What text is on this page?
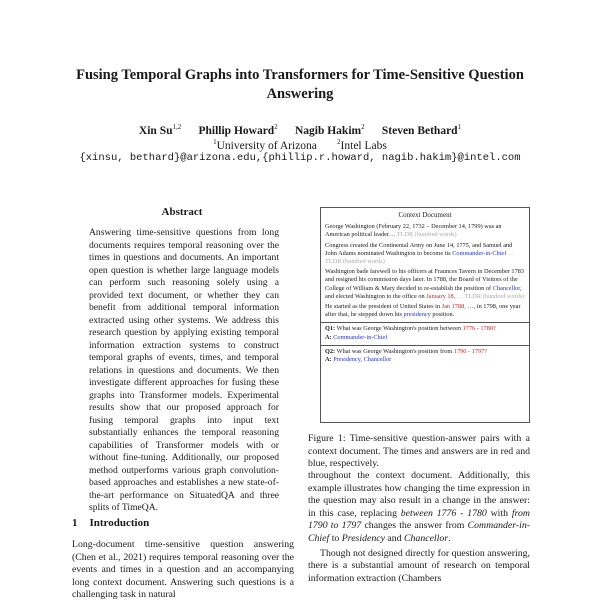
Fusing Temporal Graphs into Transformers for Time-Sensitive Question Answering
Xin Su$^{1,2}$ Phillip Howard$^2$ Nagib Hakim$^2$ Steven Bethard$^1$
$^1$University of Arizona	$^2$Intel Labs
{xinsu, bethard}@arizona.edu,{phillip.r.howard, nagib.hakim}@intel.com
Abstract
Answering time-sensitive questions from long documents requires temporal reasoning over the times in questions and documents. An important open question is whether large language models can perform such reasoning solely using a provided text document, or whether they can benefit from additional temporal information extracted using other systems. We address this research question by applying existing temporal information extraction systems to construct temporal graphs of events, times, and temporal relations in questions and documents. We then investigate different approaches for fusing these graphs into Transformer models. Experimental results show that our proposed approach for fusing temporal graphs into input text substantially enhances the temporal reasoning capabilities of Transformer models with or without fine-tuning. Additionally, our proposed method outperforms various graph convolution-based approaches and establishes a new state-of-the-art performance on SituatedQA and three splits of TimeQA.
1 Introduction
Long-document time-sensitive question answering (Chen et al., 2021) requires temporal reasoning over the events and times in a question and an accompanying long context document. Answering such questions is a challenging task in natural
Context Document
George Washington (February 22, 1732 – December 14, 1799) was an American political leader… TLDR (hundred words)
Congress created the Continental Army on June 14, 1775, and Samuel and John Adams nominated Washington to become its Commander-in-Chief … TLDR (hundred words)
Washington bade farewell to his officers at Fraunces Tavern in December 1783 and resigned his commission days later. In 1788, the Board of Visitors of the College of William & Mary decided to re-establish the position of Chancellor, and elected Washington to the office on January 18, … TLDR (hundred words)
He started as the president of United States in Jan 1788, …, in 1798, one year after that, he stepped down his presidency position.
Q1: What was George Washington's position between 1776 - 1780?
A: Commander-in-Chief
Q2: What was George Washington's position from 1790 - 1797?
A: Presidency, Chancellor
Figure 1: Time-sensitive question-answer pairs with a context document. The times and answers are in red and blue, respectively.

throughout the context document. Additionally, this example illustrates how changing the time expression in the question may also result in a change in the answer: in this case, replacing between 1776 - 1780 with from 1790 to 1797 changes the answer from Commander-in-Chief to Presidency and Chancellor.

Though not designed directly for question answering, there is a substantial amount of research on temporal information extraction (Chambers
